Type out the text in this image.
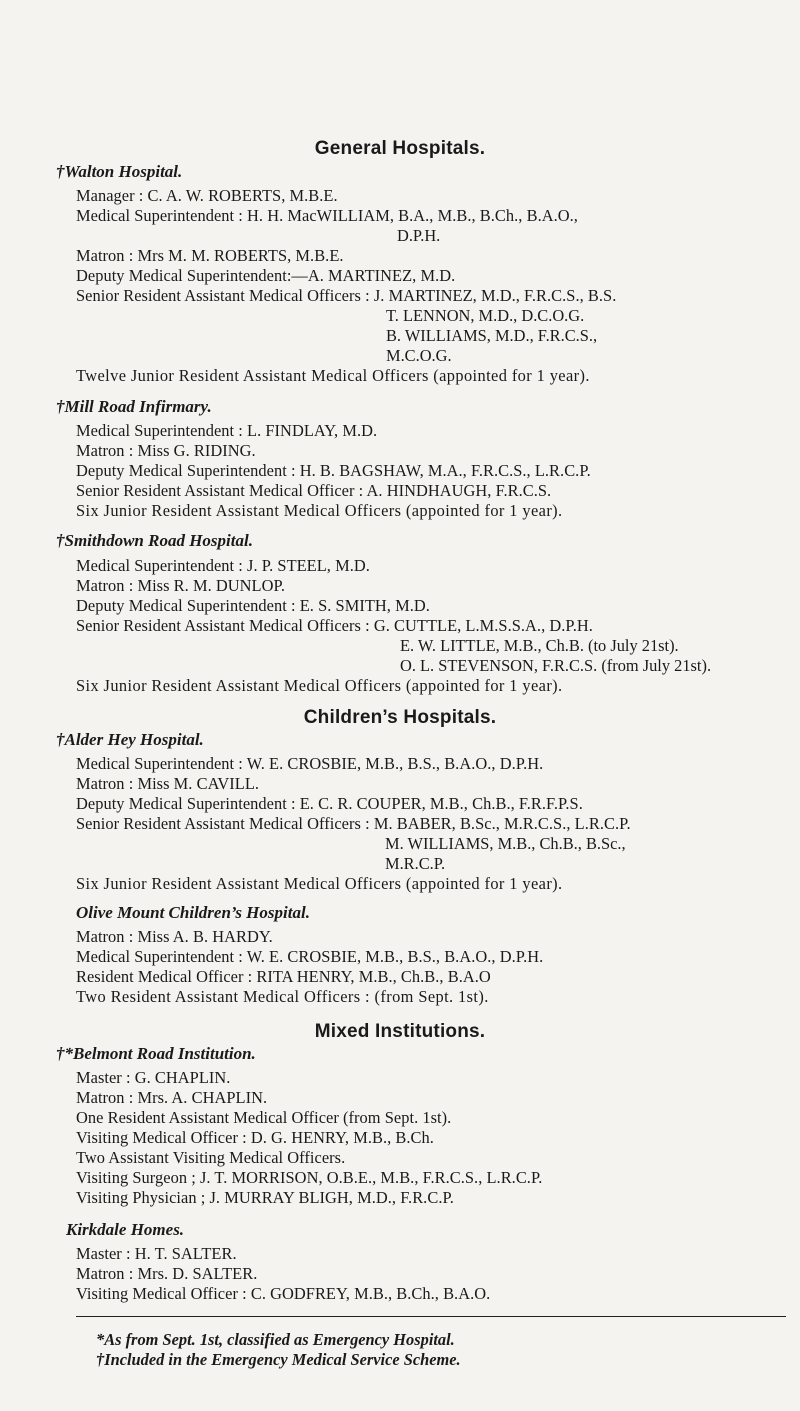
General Hospitals.
†Walton Hospital.
Manager : C. A. W. ROBERTS, M.B.E.
Medical Superintendent : H. H. MacWILLIAM, B.A., M.B., B.Ch., B.A.O.,
D.P.H.
Matron : Mrs M. M. ROBERTS, M.B.E.
Deputy Medical Superintendent:—A. MARTINEZ, M.D.
Senior Resident Assistant Medical Officers : J. MARTINEZ, M.D., F.R.C.S., B.S.
T. LENNON, M.D., D.C.O.G.
B. WILLIAMS, M.D., F.R.C.S.,
M.C.O.G.
Twelve Junior Resident Assistant Medical Officers (appointed for 1 year).
†Mill Road Infirmary.
Medical Superintendent : L. FINDLAY, M.D.
Matron : Miss G. RIDING.
Deputy Medical Superintendent : H. B. BAGSHAW, M.A., F.R.C.S., L.R.C.P.
Senior Resident Assistant Medical Officer : A. HINDHAUGH, F.R.C.S.
Six Junior Resident Assistant Medical Officers (appointed for 1 year).
†Smithdown Road Hospital.
Medical Superintendent : J. P. STEEL, M.D.
Matron : Miss R. M. DUNLOP.
Deputy Medical Superintendent : E. S. SMITH, M.D.
Senior Resident Assistant Medical Officers : G. CUTTLE, L.M.S.S.A., D.P.H.
E. W. LITTLE, M.B., Ch.B. (to July 21st).
O. L. STEVENSON, F.R.C.S. (from July 21st).
Six Junior Resident Assistant Medical Officers (appointed for 1 year).
Children’s Hospitals.
†Alder Hey Hospital.
Medical Superintendent : W. E. CROSBIE, M.B., B.S., B.A.O., D.P.H.
Matron : Miss M. CAVILL.
Deputy Medical Superintendent : E. C. R. COUPER, M.B., Ch.B., F.R.F.P.S.
Senior Resident Assistant Medical Officers : M. BABER, B.Sc., M.R.C.S., L.R.C.P.
M. WILLIAMS, M.B., Ch.B., B.Sc.,
M.R.C.P.
Six Junior Resident Assistant Medical Officers (appointed for 1 year).
Olive Mount Children’s Hospital.
Matron : Miss A. B. HARDY.
Medical Superintendent : W. E. CROSBIE, M.B., B.S., B.A.O., D.P.H.
Resident Medical Officer : RITA HENRY, M.B., Ch.B., B.A.O
Two Resident Assistant Medical Officers : (from Sept. 1st).
Mixed Institutions.
†*Belmont Road Institution.
Master : G. CHAPLIN.
Matron : Mrs. A. CHAPLIN.
One Resident Assistant Medical Officer (from Sept. 1st).
Visiting Medical Officer : D. G. HENRY, M.B., B.Ch.
Two Assistant Visiting Medical Officers.
Visiting Surgeon ; J. T. MORRISON, O.B.E., M.B., F.R.C.S., L.R.C.P.
Visiting Physician ; J. MURRAY BLIGH, M.D., F.R.C.P.
Kirkdale Homes.
Master : H. T. SALTER.
Matron : Mrs. D. SALTER.
Visiting Medical Officer : C. GODFREY, M.B., B.Ch., B.A.O.
*As from Sept. 1st, classified as Emergency Hospital.
†Included in the Emergency Medical Service Scheme.
